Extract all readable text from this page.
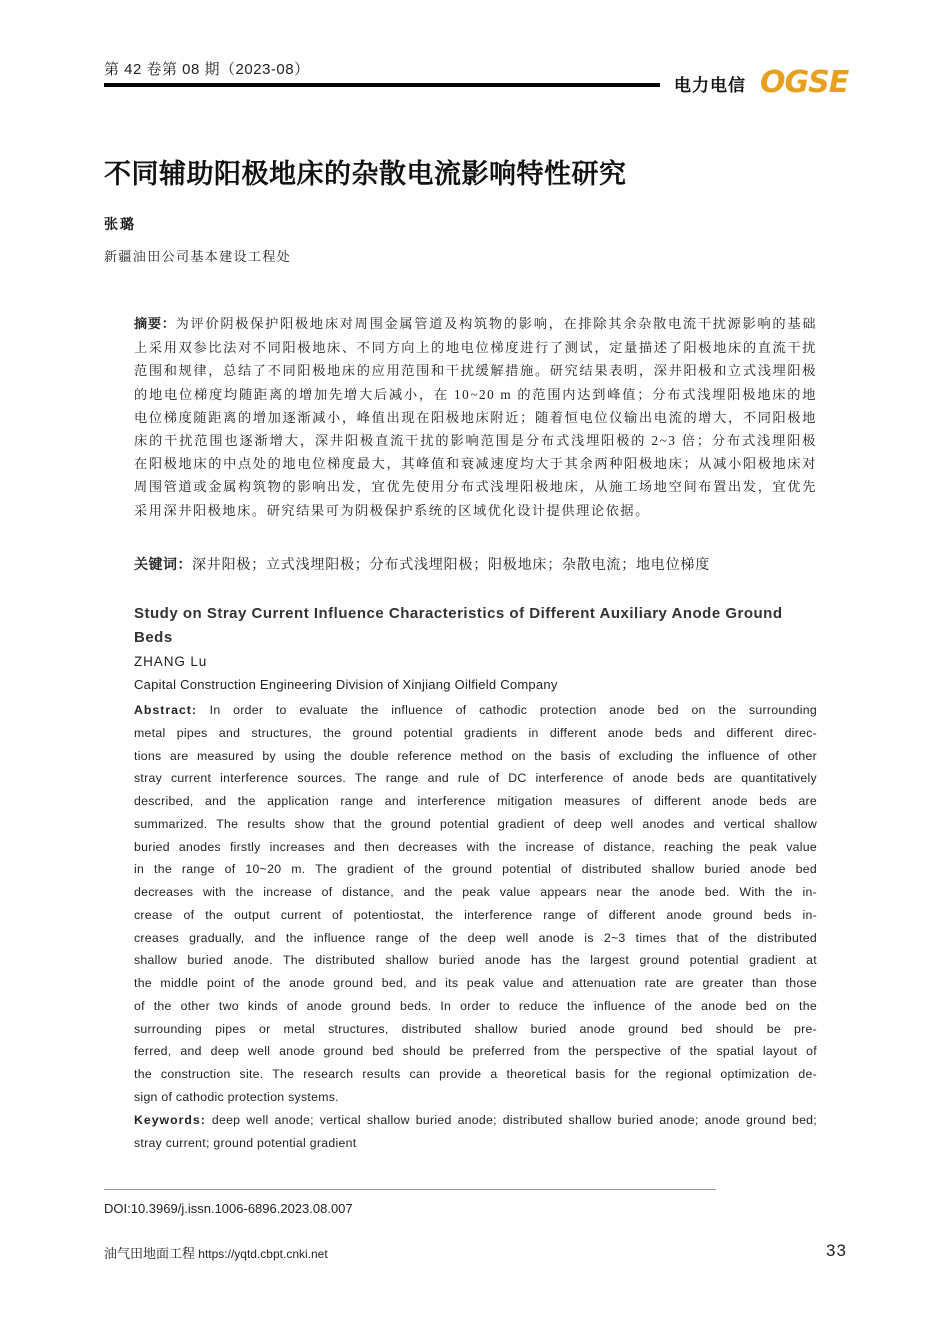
第 42 卷第 08 期（2023-08）
电力电信 OGSE
不同辅助阳极地床的杂散电流影响特性研究
张璐
新疆油田公司基本建设工程处
摘要：为评价阴极保护阳极地床对周围金属管道及构筑物的影响，在排除其余杂散电流干扰源影响的基础上采用双参比法对不同阳极地床、不同方向上的地电位梯度进行了测试，定量描述了阳极地床的直流干扰范围和规律，总结了不同阳极地床的应用范围和干扰缓解措施。研究结果表明，深井阳极和立式浅埋阳极的地电位梯度均随距离的增加先增大后减小，在 10~20 m 的范围内达到峰值；分布式浅埋阳极地床的地电位梯度随距离的增加逐渐减小，峰值出现在阳极地床附近；随着恒电位仪输出电流的增大，不同阳极地床的干扰范围也逐渐增大，深井阳极直流干扰的影响范围是分布式浅埋阳极的 2~3 倍；分布式浅埋阳极在阳极地床的中点处的地电位梯度最大，其峰值和衰减速度均大于其余两种阳极地床；从减小阳极地床对周围管道或金属构筑物的影响出发，宜优先使用分布式浅埋阳极地床，从施工场地空间布置出发，宜优先采用深井阳极地床。研究结果可为阴极保护系统的区域优化设计提供理论依据。
关键词：深井阳极；立式浅埋阳极；分布式浅埋阳极；阳极地床；杂散电流；地电位梯度
Study on Stray Current Influence Characteristics of Different Auxiliary Anode Ground Beds
ZHANG Lu
Capital Construction Engineering Division of Xinjiang Oilfield Company
Abstract: In order to evaluate the influence of cathodic protection anode bed on the surrounding
metal pipes and structures, the ground potential gradients in different anode beds and different direc-
tions are measured by using the double reference method on the basis of excluding the influence of other
stray current interference sources. The range and rule of DC interference of anode beds are quantitatively
described, and the application range and interference mitigation measures of different anode beds are
summarized. The results show that the ground potential gradient of deep well anodes and vertical shallow
buried anodes firstly increases and then decreases with the increase of distance, reaching the peak value
in the range of 10~20 m. The gradient of the ground potential of distributed shallow buried anode bed
decreases with the increase of distance, and the peak value appears near the anode bed. With the in-
crease of the output current of potentiostat, the interference range of different anode ground beds in-
creases gradually, and the influence range of the deep well anode is 2~3 times that of the distributed
shallow buried anode. The distributed shallow buried anode has the largest ground potential gradient at
the middle point of the anode ground bed, and its peak value and attenuation rate are greater than those
of the other two kinds of anode ground beds. In order to reduce the influence of the anode bed on the
surrounding pipes or metal structures, distributed shallow buried anode ground bed should be pre-
ferred, and deep well anode ground bed should be preferred from the perspective of the spatial layout of
the construction site. The research results can provide a theoretical basis for the regional optimization de-
sign of cathodic protection systems.
Keywords: deep well anode; vertical shallow buried anode; distributed shallow buried anode; anode ground bed; stray current; ground potential gradient
DOI:10.3969/j.issn.1006-6896.2023.08.007
油气田地面工程 https://yqtd.cbpt.cnki.net	33
